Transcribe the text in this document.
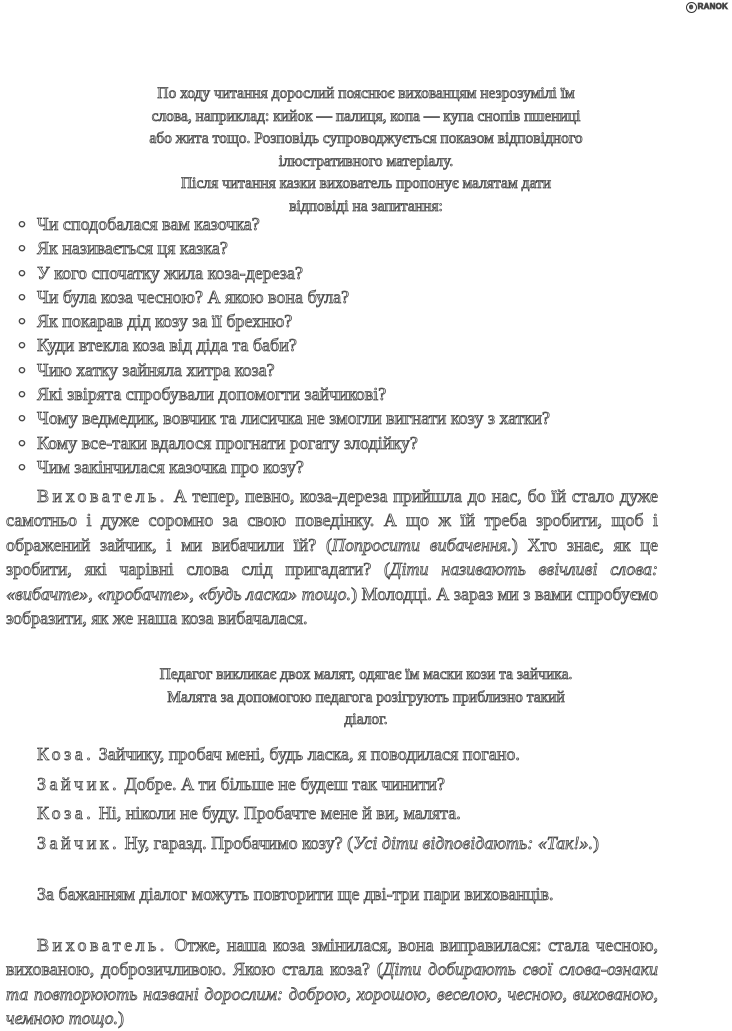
e RANOK
По ходу читання дорослий пояснює вихованцям незрозумілі їм
слова, наприклад: кийок — палиця, копа — купа снопів пшениці
або жита тощо. Розповідь супроводжується показом відповідного
ілюстративного матеріалу.
Після читання казки вихователь пропонує малятам дати
відповіді на запитання:
○ Чи сподобалася вам казочка?
○ Як називається ця казка?
○ У кого спочатку жила коза-дереза?
○ Чи була коза чесною? А якою вона була?
○ Як покарав дід козу за її брехню?
○ Куди втекла коза від діда та баби?
○ Чию хатку зайняла хитра коза?
○ Які звірята спробували допомогти зайчикові?
○ Чому ведмедик, вовчик та лисичка не змогли вигнати козу з хатки?
○ Кому все-таки вдалося прогнати рогату злодійку?
○ Чим закінчилася казочка про козу?

Вихователь. А тепер, певно, коза-дереза прийшла до нас, бо їй стало дуже самотньо і дуже соромно за свою поведінку. А що ж їй треба зробити, щоб і ображений зайчик, і ми вибачили їй? (Попросити вибачення.) Хто знає, як це зробити, які чарівні слова слід пригадати? (Діти називають ввічливі слова: «вибачте», «пробачте», «будь ласка» тощо.) Молодці. А зараз ми з вами спробуємо зобразити, як же наша коза вибачалася.

Педагог викликає двох малят, одягає їм маски кози та зайчика.
Малята за допомогою педагога розігрують приблизно такий
діалог.

Коза. Зайчику, пробач мені, будь ласка, я поводилася погано.

Зайчик. Добре. А ти більше не будеш так чинити?

Коза. Ні, ніколи не буду. Пробачте мене й ви, малята.

Зайчик. Ну, гаразд. Пробачимо козу? (Усі діти відповідають: «Так!».)

За бажанням діалог можуть повторити ще дві-три пари вихованців.

Вихователь. Отже, наша коза змінилася, вона виправилася: стала чесною, вихованою, доброзичливою. Якою стала коза? (Діти добирають свої слова-ознаки та повторюють названі дорослим: доброю, хорошою, веселою, чесною, вихованою, чемною тощо.)
